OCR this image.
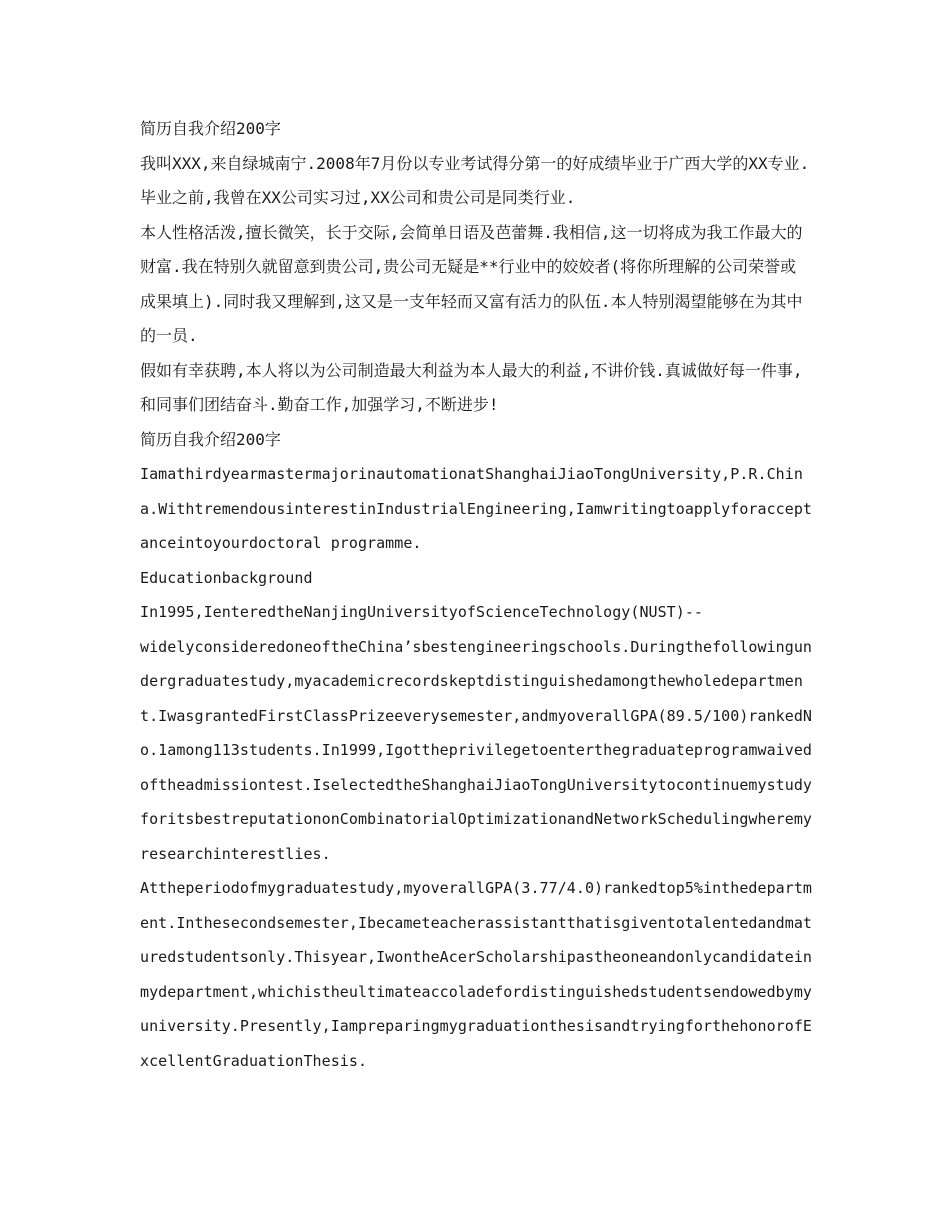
简历自我介绍200字

我叫XXX,来自绿城南宁.2008年7月份以专业考试得分第一的好成绩毕业于广西大学的XX专业.毕业之前,我曾在XX公司实习过,XX公司和贵公司是同类行业.

本人性格活泼,擅长微笑，长于交际,会简单日语及芭蕾舞.我相信,这一切将成为我工作最大的财富.我在特别久就留意到贵公司,贵公司无疑是**行业中的姣姣者(将你所理解的公司荣誉或成果填上).同时我又理解到,这又是一支年轻而又富有活力的队伍.本人特别渴望能够在为其中的一员.

假如有幸获聘,本人将以为公司制造最大利益为本人最大的利益,不讲价钱.真诚做好每一件事,和同事们团结奋斗.勤奋工作,加强学习,不断进步!

简历自我介绍200字

IamathirdyearmastermajorinautomationatShanghaiJiaoTongUniversity,P.R.China.WithtremendousinterestinIndustrialEngineering,Iamwritingtoapplyforacceptanceintoyourdoctoral programme.

Educationbackground

In1995,IenteredtheNanjingUniversityofScienceTechnology(NUST)--

widelyconsideredoneoftheChina’sbestengineeringschools.Duringthefollowingundergraduatestudy,myacademicrecordskeptdistinguishedamongthewholedepartment.IwasgrantedFirstClassPrizeeverysemester,andmyoverallGPA(89.5/100)rankedNo.1among113students.In1999,Igottheprivilegetoenterthegraduateprogramwaivedoftheadmissiontest.IselectedtheShanghaiJiaoTongUniversitytocontinuemystudyforitsbestreputationonCombinatorialOptimizationandNetworkSchedulingwheremyresearchinterestlies.

Attheperiodofmygraduatestudy,myoverallGPA(3.77/4.0)rankedtop5%inthedepartment.Inthesecondsemester,Ibecameteacherassistantthatisgiventotalentedandmaturedstudentsonly.Thisyear,IwontheAcerScholarshipastheoneandonlycandidateinmydepartment,whichistheultimateaccoladefordistinguishedstudentsendowedbymyuniversity.Presently,IampreparingmygraduationthesisandtryingforthehonorofExcellentGraduationThesis.
